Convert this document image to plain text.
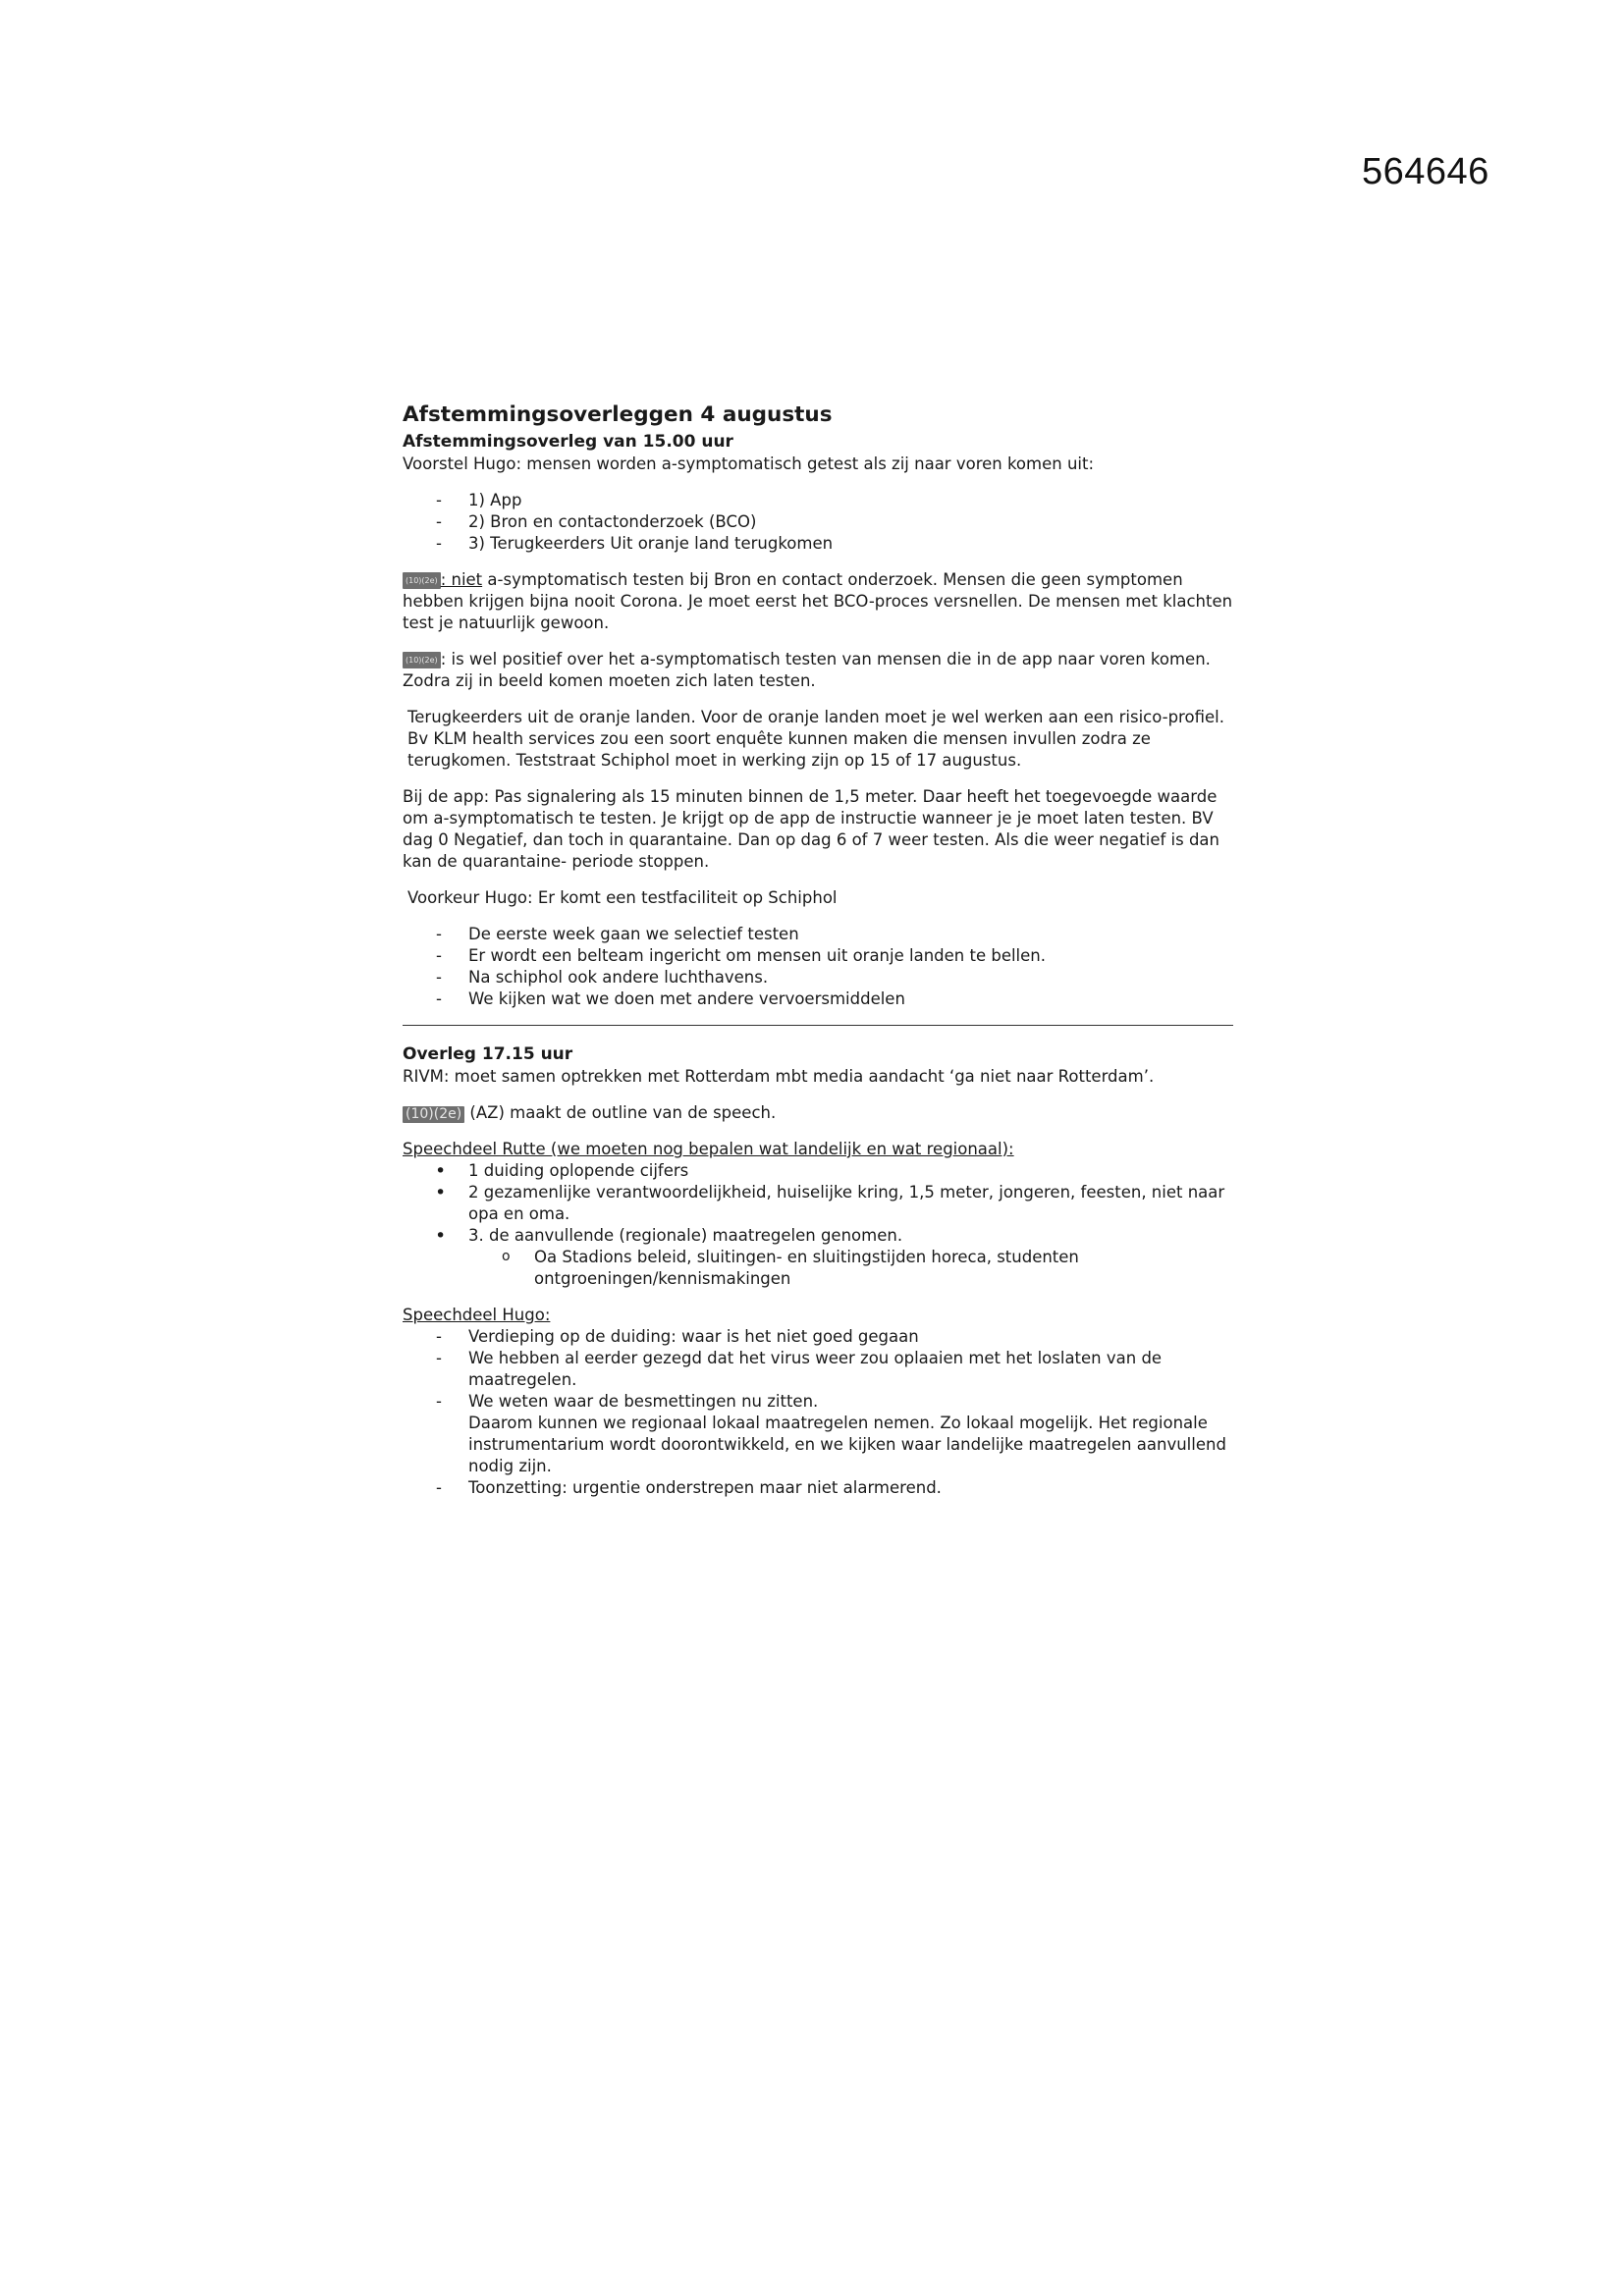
564646

Afstemmingsoverleggen 4 augustus

Afstemmingsoverleg van 15.00 uur

Voorstel Hugo: mensen worden a-symptomatisch getest als zij naar voren komen uit:

- 1) App
- 2) Bron en contactonderzoek (BCO)
- 3) Terugkeerders Uit oranje land terugkomen

(10)(2e) : niet a-symptomatisch testen bij Bron en contact onderzoek. Mensen die geen symptomen hebben krijgen bijna nooit Corona. Je moet eerst het BCO-proces versnellen. De mensen met klachten test je natuurlijk gewoon.

(10)(2e) : is wel positief over het a-symptomatisch testen van mensen die in de app naar voren komen. Zodra zij in beeld komen moeten zich laten testen.

Terugkeerders uit de oranje landen. Voor de oranje landen moet je wel werken aan een risico-profiel. Bv KLM health services zou een soort enquête kunnen maken die mensen invullen zodra ze terugkomen. Teststraat Schiphol moet in werking zijn op 15 of 17 augustus.

Bij de app: Pas signalering als 15 minuten binnen de 1,5 meter. Daar heeft het toegevoegde waarde om a-symptomatisch te testen. Je krijgt op de app de instructie wanneer je je moet laten testen. BV dag 0 Negatief, dan toch in quarantaine. Dan op dag 6 of 7 weer testen. Als die weer negatief is dan kan de quarantaine- periode stoppen.

Voorkeur Hugo: Er komt een testfaciliteit op Schiphol

- De eerste week gaan we selectief testen
- Er wordt een belteam ingericht om mensen uit oranje landen te bellen.
- Na schiphol ook andere luchthavens.
- We kijken wat we doen met andere vervoersmiddelen

Overleg 17.15 uur

RIVM: moet samen optrekken met Rotterdam mbt media aandacht ‘ga niet naar Rotterdam’.

(10)(2e) (AZ) maakt de outline van de speech.

Speechdeel Rutte (we moeten nog bepalen wat landelijk en wat regionaal):

• 1 duiding oplopende cijfers
• 2 gezamenlijke verantwoordelijkheid, huiselijke kring, 1,5 meter, jongeren, feesten, niet naar opa en oma.
• 3. de aanvullende (regionale) maatregelen genomen.
o Oa Stadions beleid, sluitingen- en sluitingstijden horeca, studenten ontgroeningen/kennismakingen

Speechdeel Hugo:

- Verdieping op de duiding: waar is het niet goed gegaan
- We hebben al eerder gezegd dat het virus weer zou oplaaien met het loslaten van de maatregelen.
- We weten waar de besmettingen nu zitten.
Daarom kunnen we regionaal lokaal maatregelen nemen. Zo lokaal mogelijk. Het regionale instrumentarium wordt doorontwikkeld, en we kijken waar landelijke maatregelen aanvullend nodig zijn.
- Toonzetting: urgentie onderstrepen maar niet alarmerend.
